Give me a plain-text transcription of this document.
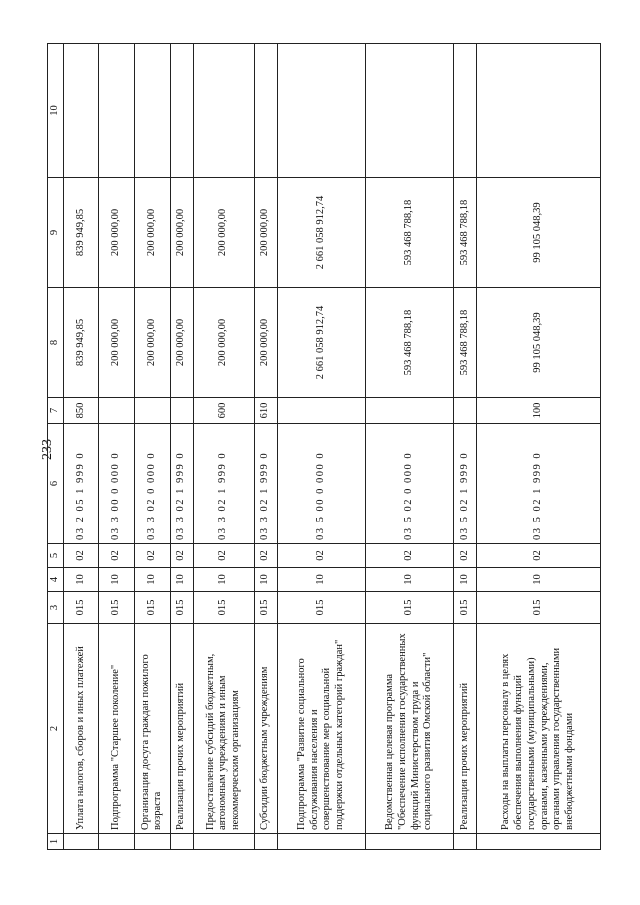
233
1	2	3	4	5	6	7	8	9	10
	Уплата налогов, сборов и иных платежей	015	10	02	03 2 05 1 999 0	850	839 949,85	839 949,85	
	Подпрограмма "Старшее поколение"	015	10	02	03 3 00 0 000 0		200 000,00	200 000,00	
	Организация досуга граждан пожилого возраста	015	10	02	03 3 02 0 000 0		200 000,00	200 000,00	
	Реализация прочих мероприятий	015	10	02	03 3 02 1 999 0		200 000,00	200 000,00	
	Предоставление субсидий бюджетным, автономным учреждениям и иным некоммерческим организациям	015	10	02	03 3 02 1 999 0	600	200 000,00	200 000,00	
	Субсидии бюджетным учреждениям	015	10	02	03 3 02 1 999 0	610	200 000,00	200 000,00	
	Подпрограмма "Развитие социального обслуживания населения и совершенствование мер социальной поддержки отдельных категорий граждан"	015	10	02	03 5 00 0 000 0		2 661 058 912,74	2 661 058 912,74	
	Ведомственная целевая программа "Обеспечение исполнения государственных функций Министерством труда и социального развития Омской области"	015	10	02	03 5 02 0 000 0		593 468 788,18	593 468 788,18	
	Реализация прочих мероприятий	015	10	02	03 5 02 1 999 0		593 468 788,18	593 468 788,18	
	Расходы на выплаты персоналу в целях обеспечения выполнения функций государственными (муниципальными) органами, казенными учреждениями, органами управления государственными внебюджетными фондами	015	10	02	03 5 02 1 999 0	100	99 105 048,39	99 105 048,39	
